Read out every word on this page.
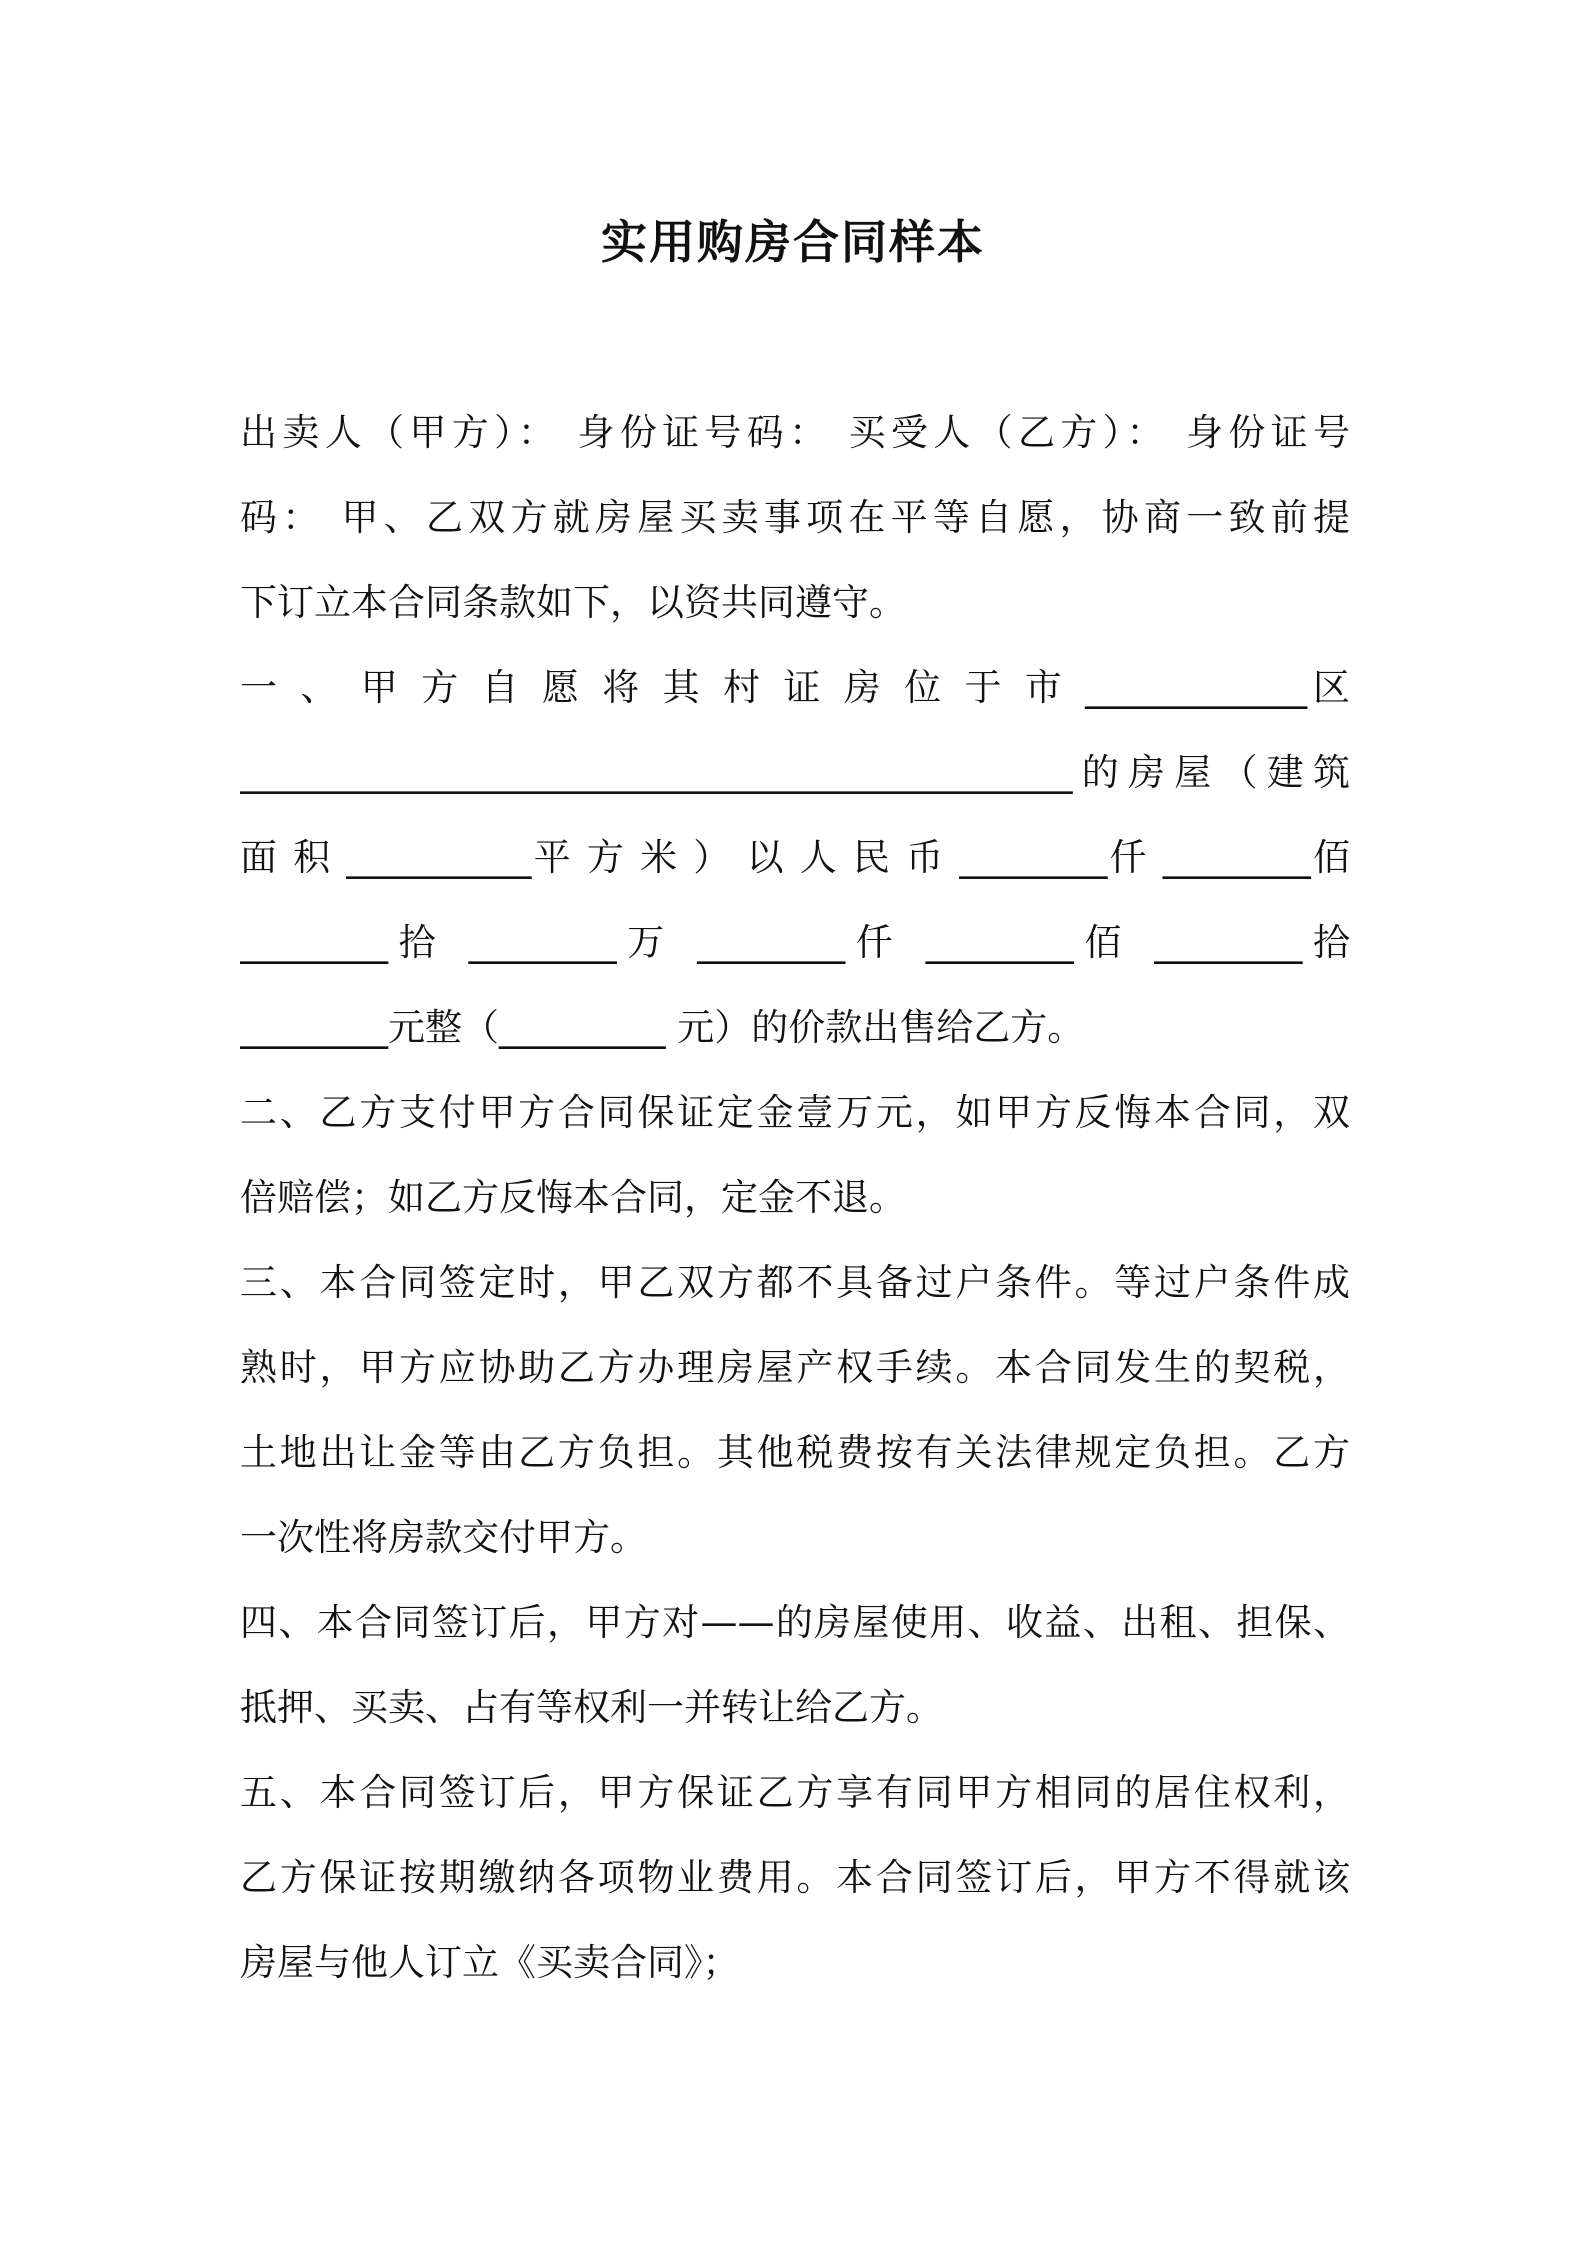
实用购房合同样本
出卖人（甲方）： 身份证号码： 买受人（乙方）： 身份证号
码： 甲、乙双方就房屋买卖事项在平等自愿，协商一致前提
下订立本合同条款如下，以资共同遵守。
一 、 甲 方 自 愿 将 其 村 证 房 位 于 市 ____________区
_____________________________________________的房屋（建筑
面 积 __________平 方 米 ） 以 人 民 币 ________仟 ________佰
________拾 ________万 ________仟 ________佰 ________拾
________元整（_________ 元）的价款出售给乙方。
二、乙方支付甲方合同保证定金壹万元，如甲方反悔本合同，双
倍赔偿；如乙方反悔本合同，定金不退。
三、本合同签定时，甲乙双方都不具备过户条件。等过户条件成
熟时，甲方应协助乙方办理房屋产权手续。本合同发生的契税，
土地出让金等由乙方负担。其他税费按有关法律规定负担。乙方
一次性将房款交付甲方。
四、本合同签订后，甲方对——的房屋使用、收益、出租、担保、
抵押、买卖、占有等权利一并转让给乙方。
五、本合同签订后，甲方保证乙方享有同甲方相同的居住权利，
乙方保证按期缴纳各项物业费用。本合同签订后，甲方不得就该
房屋与他人订立《买卖合同》；
